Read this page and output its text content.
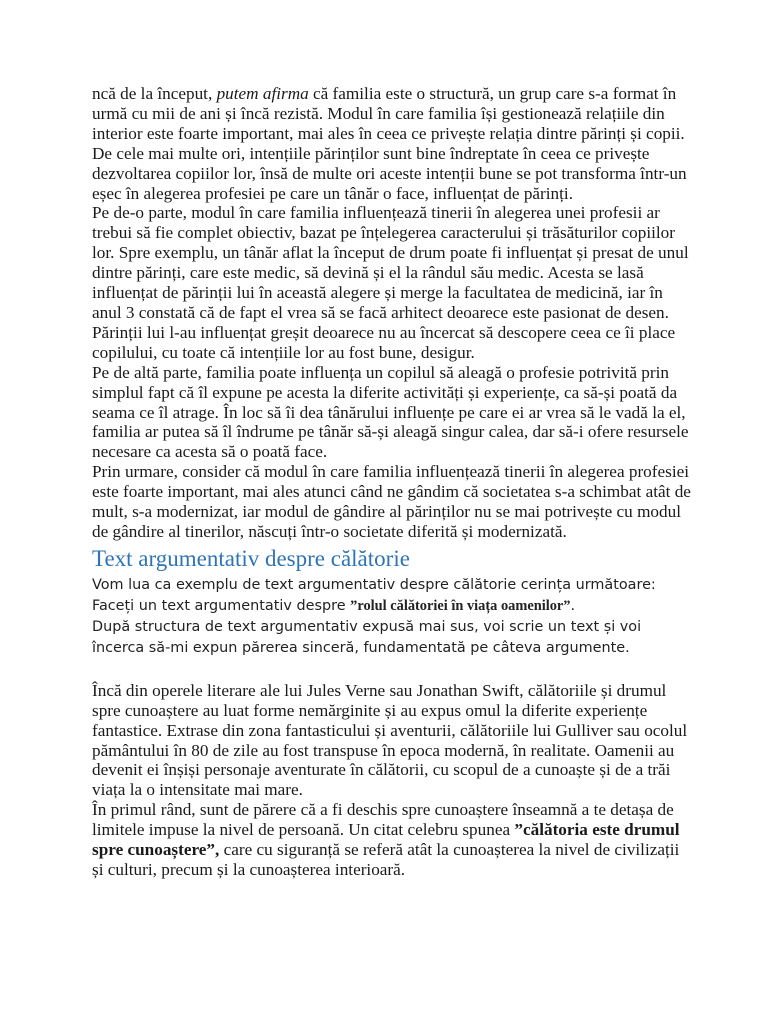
ncă de la început, putem afirma că familia este o structură, un grup care s-a format în urmă cu mii de ani și încă rezistă. Modul în care familia își gestionează relațiile din interior este foarte important, mai ales în ceea ce privește relația dintre părinți și copii. De cele mai multe ori, intențiile părinților sunt bine îndreptate în ceea ce privește dezvoltarea copiilor lor, însă de multe ori aceste intenții bune se pot transforma într-un eșec în alegerea profesiei pe care un tânăr o face, influențat de părinți.

Pe de-o parte, modul în care familia influențează tinerii în alegerea unei profesii ar trebui să fie complet obiectiv, bazat pe înțelegerea caracterului și trăsăturilor copiilor lor. Spre exemplu, un tânăr aflat la început de drum poate fi influențat și presat de unul dintre părinți, care este medic, să devină și el la rândul său medic. Acesta se lasă influențat de părinții lui în această alegere și merge la facultatea de medicină, iar în anul 3 constată că de fapt el vrea să se facă arhitect deoarece este pasionat de desen. Părinții lui l-au influențat greșit deoarece nu au încercat să descopere ceea ce îi place copilului, cu toate că intențiile lor au fost bune, desigur.

Pe de altă parte, familia poate influența un copilul să aleagă o profesie potrivită prin simplul fapt că îl expune pe acesta la diferite activități și experiențe, ca să-și poată da seama ce îl atrage. În loc să îi dea tânărului influențe pe care ei ar vrea să le vadă la el, familia ar putea să îl îndrume pe tânăr să-și aleagă singur calea, dar să-i ofere resursele necesare ca acesta să o poată face.

Prin urmare, consider că modul în care familia influențează tinerii în alegerea profesiei este foarte important, mai ales atunci când ne gândim că societatea s-a schimbat atât de mult, s-a modernizat, iar modul de gândire al părinților nu se mai potrivește cu modul de gândire al tinerilor, născuți într-o societate diferită și modernizată.

Text argumentativ despre călătorie

Vom lua ca exemplu de text argumentativ despre călătorie cerința următoare:

Faceți un text argumentativ despre ”rolul călătoriei în viața oamenilor”.

După structura de text argumentativ expusă mai sus, voi scrie un text și voi încerca să-mi expun părerea sinceră, fundamentată pe câteva argumente.

Încă din operele literare ale lui Jules Verne sau Jonathan Swift, călătoriile și drumul spre cunoaștere au luat forme nemărginite și au expus omul la diferite experiențe fantastice. Extrase din zona fantasticului și aventurii, călătoriile lui Gulliver sau ocolul pământului în 80 de zile au fost transpuse în epoca modernă, în realitate. Oamenii au devenit ei înșiși personaje aventurate în călătorii, cu scopul de a cunoaște și de a trăi viața la o intensitate mai mare.

În primul rând, sunt de părere că a fi deschis spre cunoaștere înseamnă a te detașa de limitele impuse la nivel de persoană. Un citat celebru spunea ”călătoria este drumul spre cunoaștere”, care cu siguranță se referă atât la cunoașterea la nivel de civilizații și culturi, precum și la cunoașterea interioară.
